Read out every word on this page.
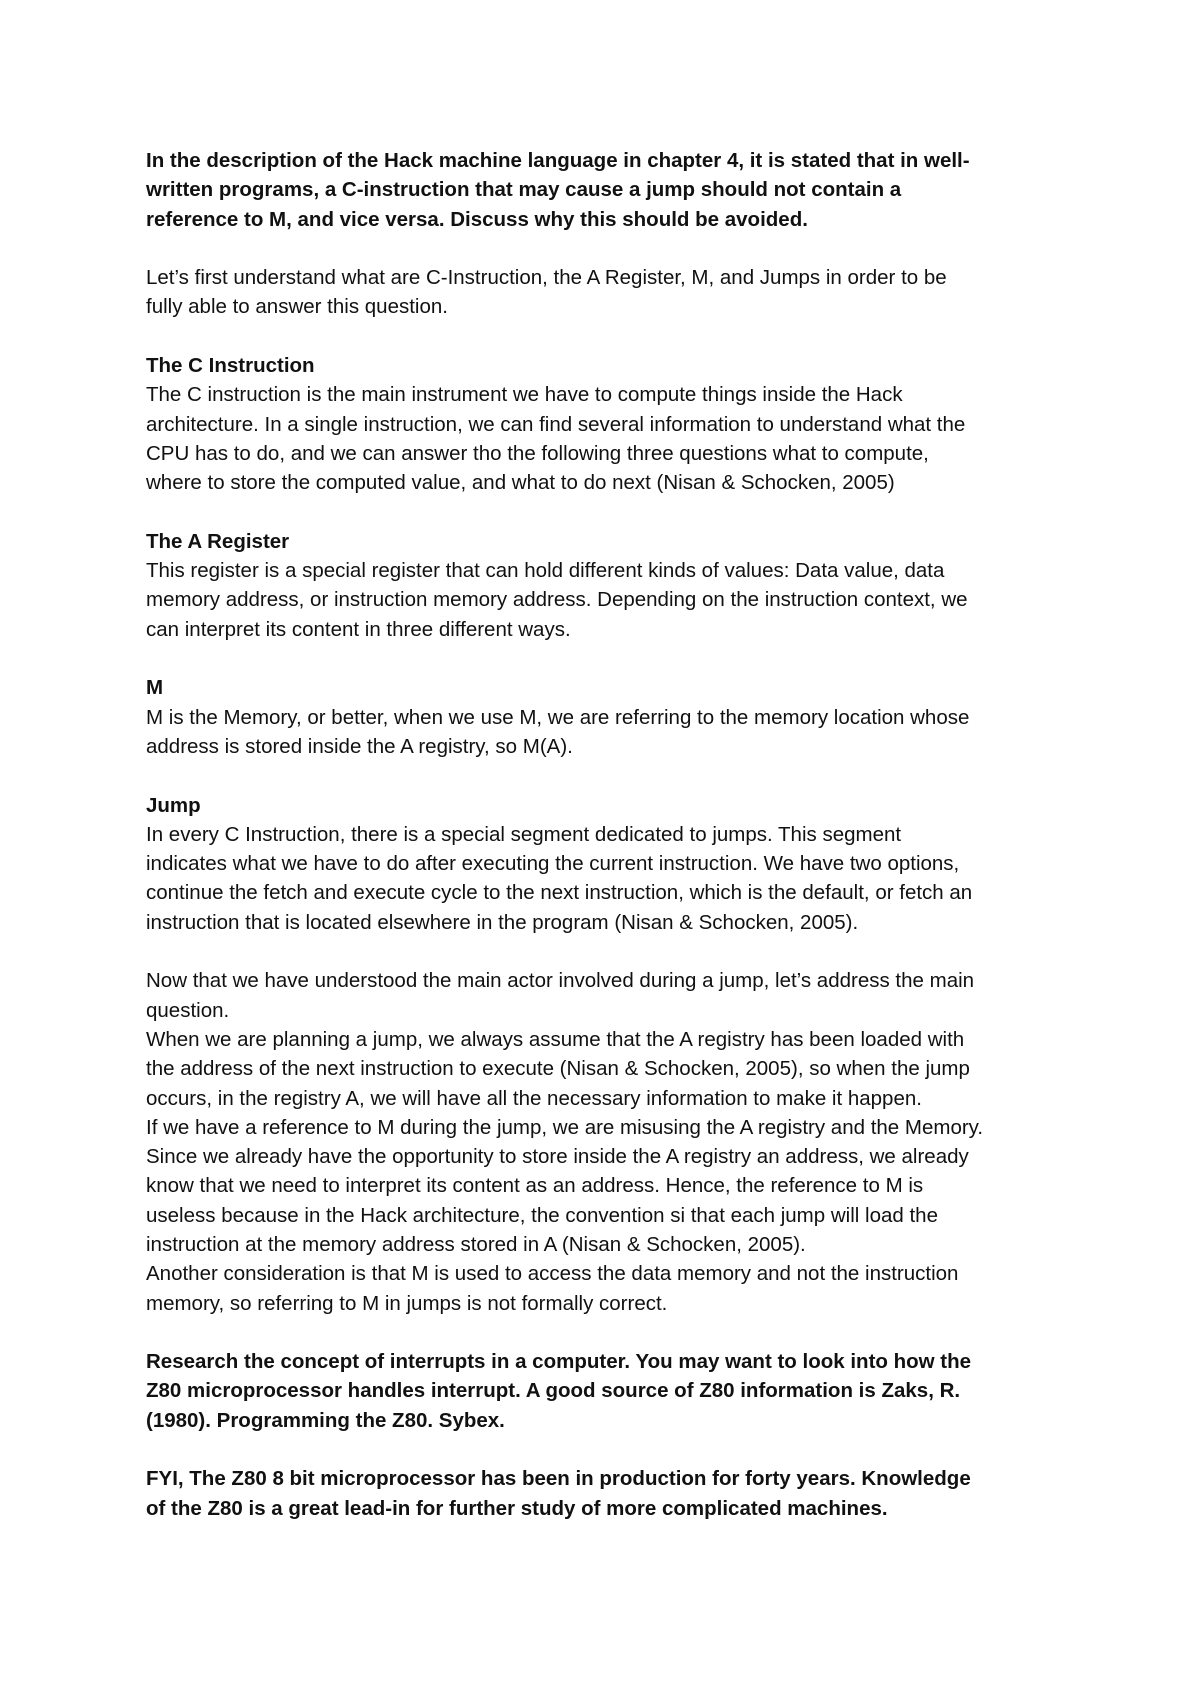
In the description of the Hack machine language in chapter 4, it is stated that in well-
written programs, a C-instruction that may cause a jump should not contain a
reference to M, and vice versa. Discuss why this should be avoided.

Let’s first understand what are C-Instruction, the A Register, M, and Jumps in order to be
fully able to answer this question.

The C Instruction

The C instruction is the main instrument we have to compute things inside the Hack
architecture. In a single instruction, we can find several information to understand what the
CPU has to do, and we can answer tho the following three questions what to compute,
where to store the computed value, and what to do next (Nisan & Schocken, 2005)

The A Register

This register is a special register that can hold different kinds of values: Data value, data
memory address, or instruction memory address. Depending on the instruction context, we
can interpret its content in three different ways.

M

M is the Memory, or better, when we use M, we are referring to the memory location whose
address is stored inside the A registry, so M(A).

Jump

In every C Instruction, there is a special segment dedicated to jumps. This segment
indicates what we have to do after executing the current instruction. We have two options,
continue the fetch and execute cycle to the next instruction, which is the default, or fetch an
instruction that is located elsewhere in the program (Nisan & Schocken, 2005).

Now that we have understood the main actor involved during a jump, let’s address the main
question.
When we are planning a jump, we always assume that the A registry has been loaded with
the address of the next instruction to execute (Nisan & Schocken, 2005), so when the jump
occurs, in the registry A, we will have all the necessary information to make it happen.
If we have a reference to M during the jump, we are misusing the A registry and the Memory.
Since we already have the opportunity to store inside the A registry an address, we already
know that we need to interpret its content as an address. Hence, the reference to M is
useless because in the Hack architecture, the convention si that each jump will load the
instruction at the memory address stored in A (Nisan & Schocken, 2005).
Another consideration is that M is used to access the data memory and not the instruction
memory, so referring to M in jumps is not formally correct.

Research the concept of interrupts in a computer. You may want to look into how the
Z80 microprocessor handles interrupt. A good source of Z80 information is Zaks, R.
(1980). Programming the Z80. Sybex.

FYI, The Z80 8 bit microprocessor has been in production for forty years. Knowledge
of the Z80 is a great lead-in for further study of more complicated machines.
